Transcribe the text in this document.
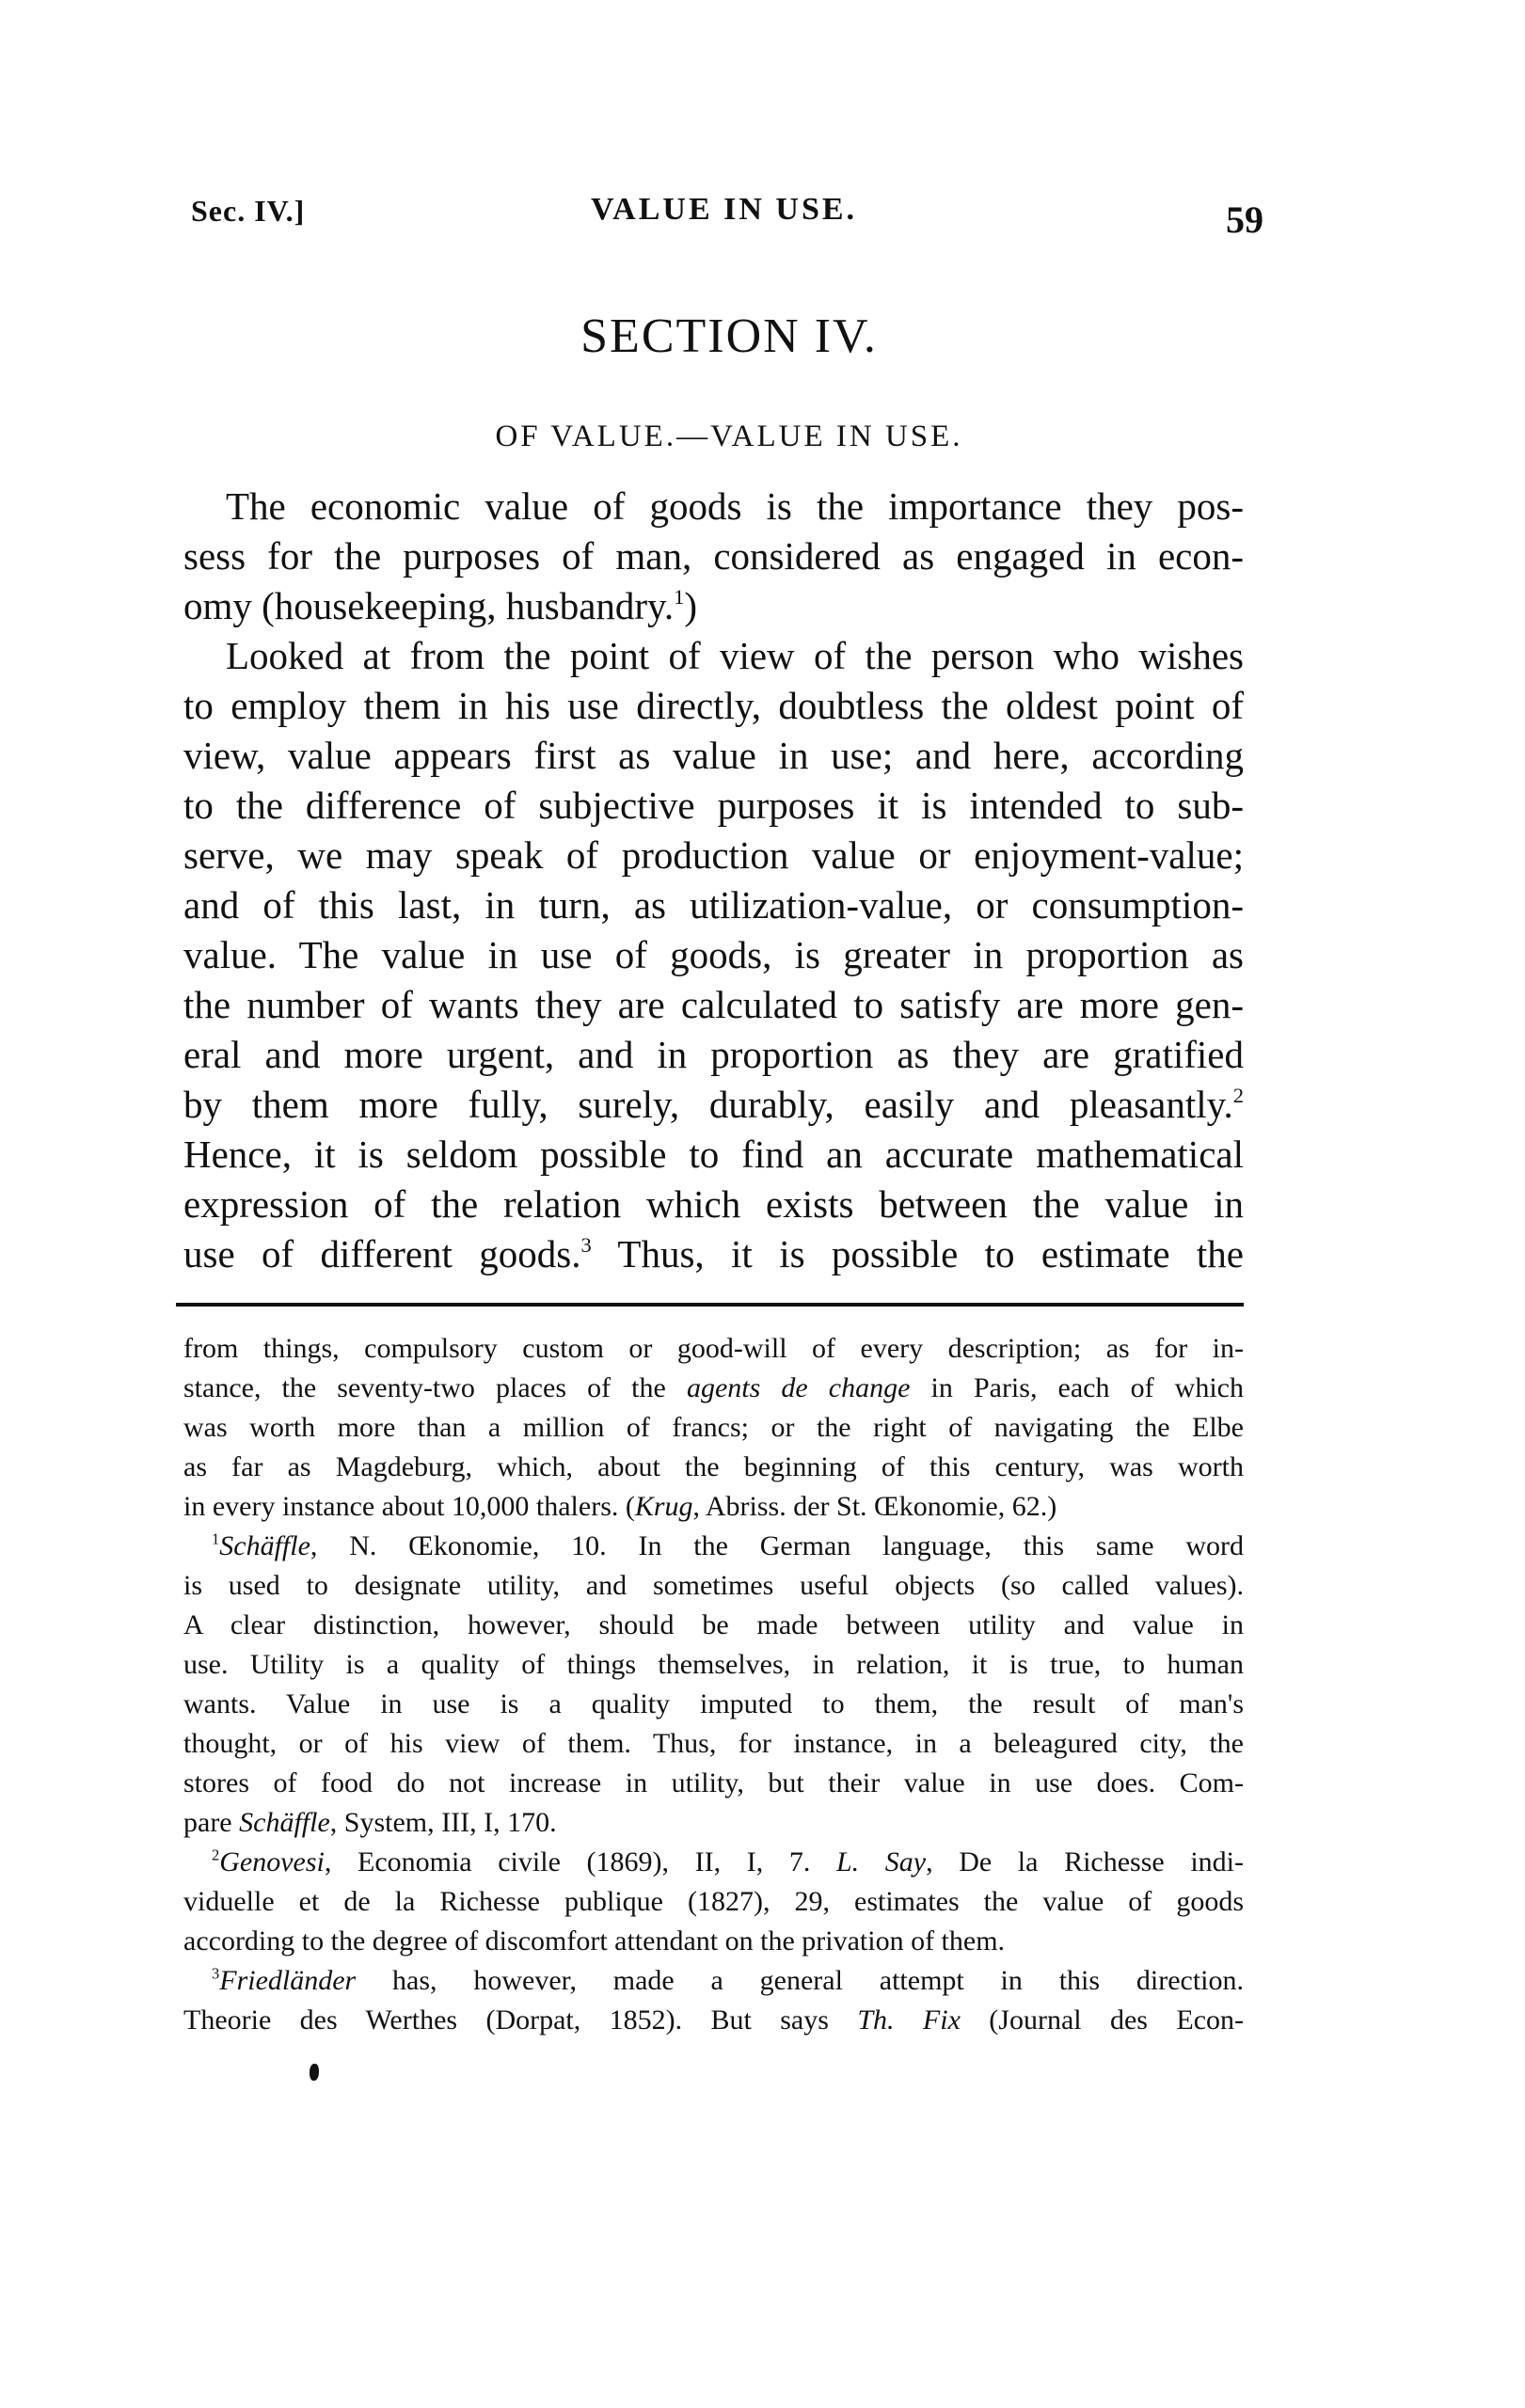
Sec. IV.]	VALUE IN USE.	59
SECTION IV.
OF VALUE.—VALUE IN USE.
The economic value of goods is the importance they pos-
sess for the purposes of man, considered as engaged in econ-
omy (housekeeping, husbandry.$^1$)
Looked at from the point of view of the person who wishes
to employ them in his use directly, doubtless the oldest point of
view, value appears first as value in use; and here, according
to the difference of subjective purposes it is intended to sub-
serve, we may speak of production value or enjoyment-value;
and of this last, in turn, as utilization-value, or consumption-
value. The value in use of goods, is greater in proportion as
the number of wants they are calculated to satisfy are more gen-
eral and more urgent, and in proportion as they are gratified
by them more fully, surely, durably, easily and pleasantly.$^2$
Hence, it is seldom possible to find an accurate mathematical
expression of the relation which exists between the value in
use of different goods.$^3$ Thus, it is possible to estimate the
from things, compulsory custom or good-will of every description; as for in-
stance, the seventy-two places of the agents de change in Paris, each of which
was worth more than a million of francs; or the right of navigating the Elbe
as far as Magdeburg, which, about the beginning of this century, was worth
in every instance about 10,000 thalers. (Krug, Abriss. der St. Œkonomie, 62.)
$^1$Schäffle, N. Œkonomie, 10. In the German language, this same word
is used to designate utility, and sometimes useful objects (so called values).
A clear distinction, however, should be made between utility and value in
use. Utility is a quality of things themselves, in relation, it is true, to human
wants. Value in use is a quality imputed to them, the result of man's
thought, or of his view of them. Thus, for instance, in a beleagured city, the
stores of food do not increase in utility, but their value in use does. Com-
pare Schäffle, System, III, I, 170.
$^2$Genovesi, Economia civile (1869), II, I, 7. L. Say, De la Richesse indi-
viduelle et de la Richesse publique (1827), 29, estimates the value of goods
according to the degree of discomfort attendant on the privation of them.
$^3$Friedländer has, however, made a general attempt in this direction.
Theorie des Werthes (Dorpat, 1852). But says Th. Fix (Journal des Econ-
